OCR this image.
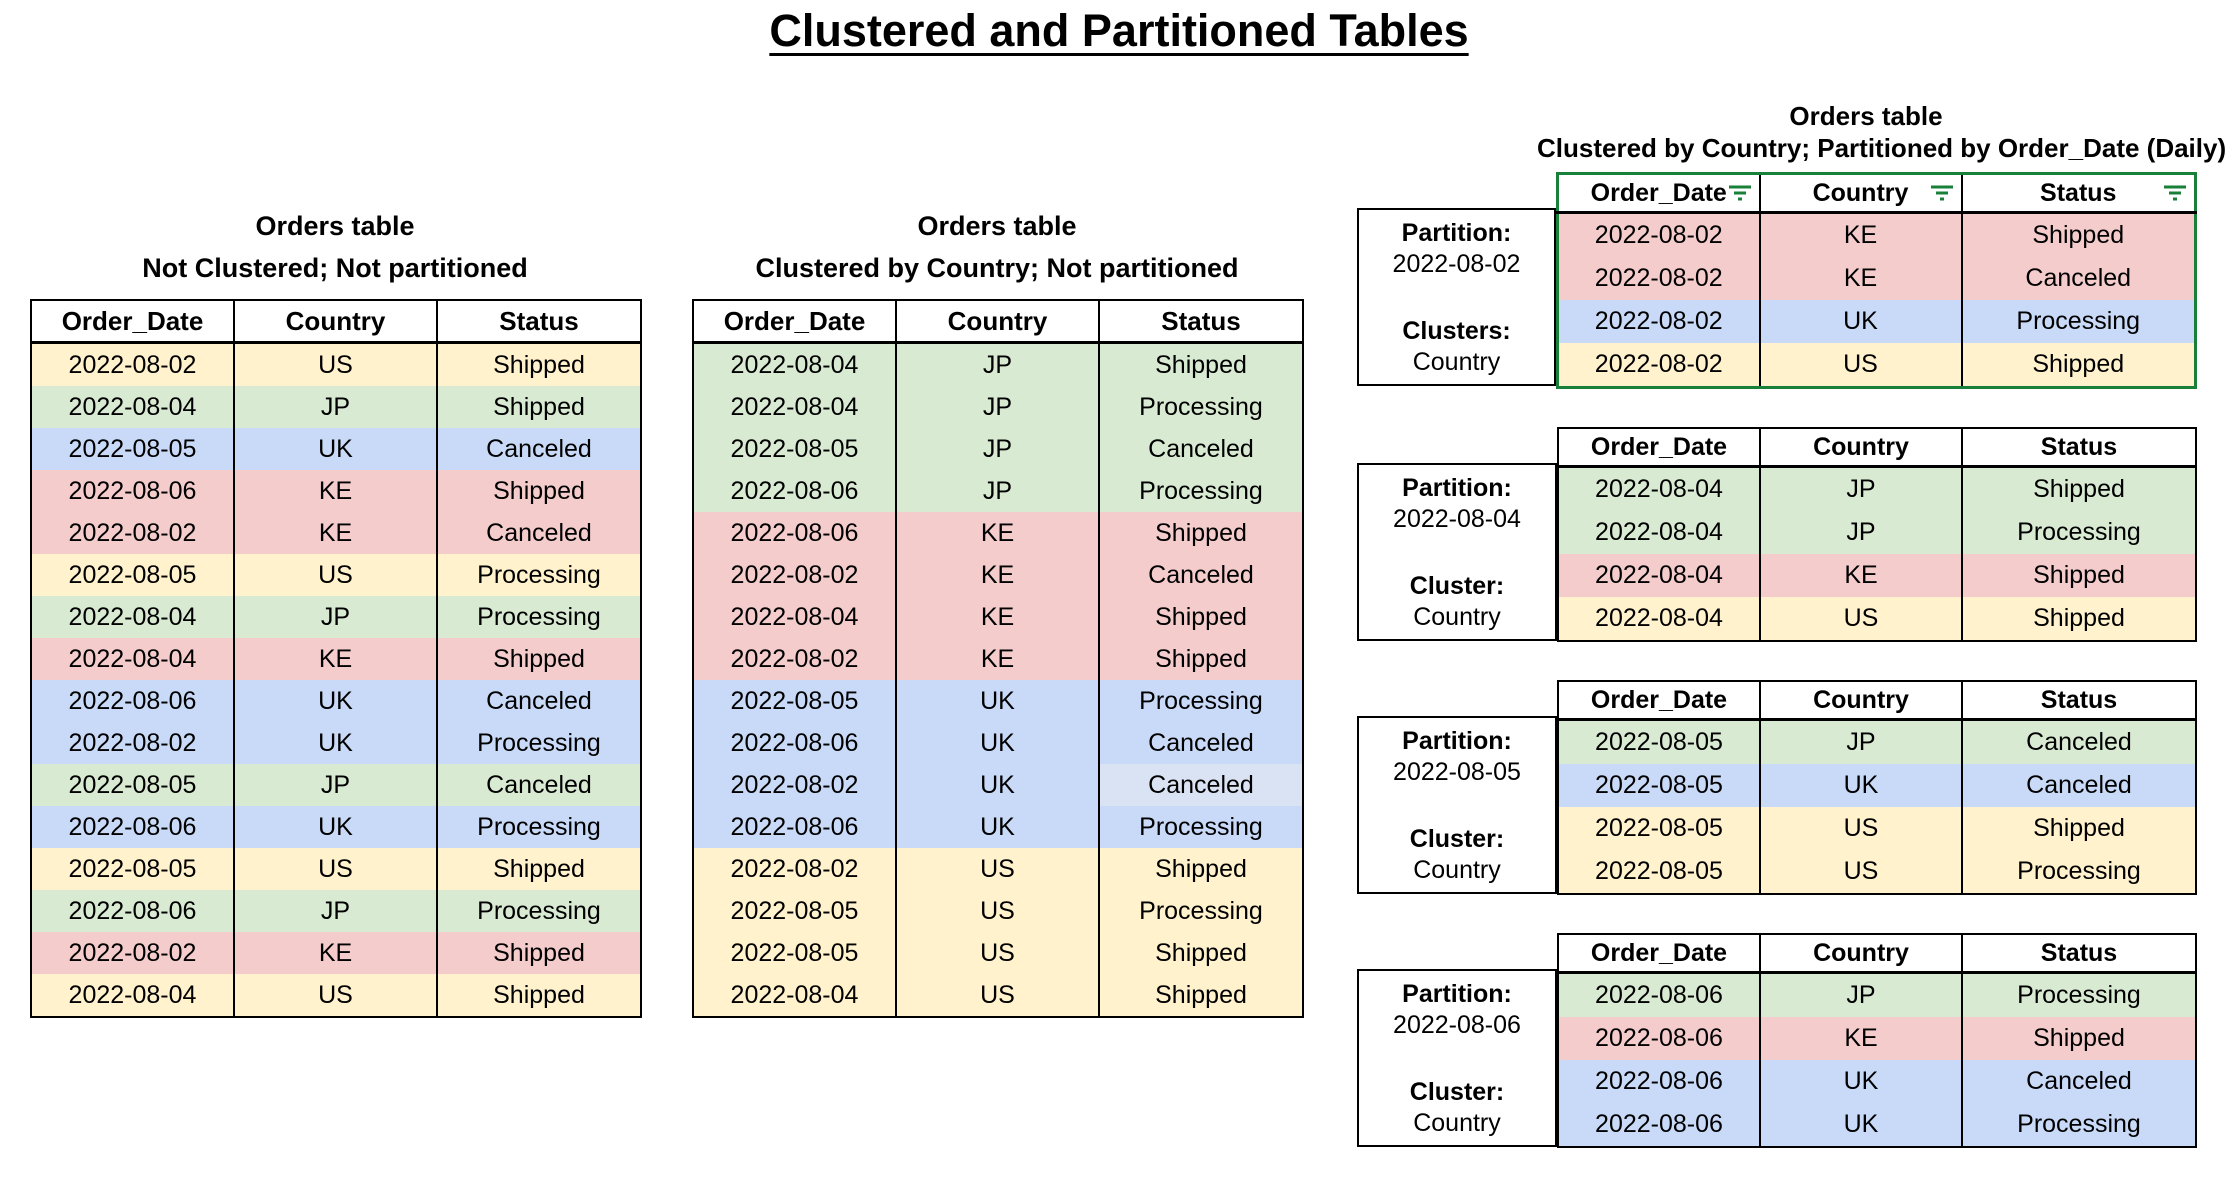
Clustered and Partitioned Tables
Orders table
Not Clustered; Not partitioned
Order_Date	Country	Status
2022-08-02	US	Shipped
2022-08-04	JP	Shipped
2022-08-05	UK	Canceled
2022-08-06	KE	Shipped
2022-08-02	KE	Canceled
2022-08-05	US	Processing
2022-08-04	JP	Processing
2022-08-04	KE	Shipped
2022-08-06	UK	Canceled
2022-08-02	UK	Processing
2022-08-05	JP	Canceled
2022-08-06	UK	Processing
2022-08-05	US	Shipped
2022-08-06	JP	Processing
2022-08-02	KE	Shipped
2022-08-04	US	Shipped
Orders table
Clustered by Country; Not partitioned
Order_Date	Country	Status
2022-08-04	JP	Shipped
2022-08-04	JP	Processing
2022-08-05	JP	Canceled
2022-08-06	JP	Processing
2022-08-06	KE	Shipped
2022-08-02	KE	Canceled
2022-08-04	KE	Shipped
2022-08-02	KE	Shipped
2022-08-05	UK	Processing
2022-08-06	UK	Canceled
2022-08-02	UK	Canceled
2022-08-06	UK	Processing
2022-08-02	US	Shipped
2022-08-05	US	Processing
2022-08-05	US	Shipped
2022-08-04	US	Shipped
Orders table
Clustered by Country; Partitioned by Order_Date (Daily)
Partition:
2022-08-02
Clusters:
Country
Order_Date	Country	Status

2022-08-02	KE	Shipped
2022-08-02	KE	Canceled
2022-08-02	UK	Processing
2022-08-02	US	Shipped
Partition:
2022-08-04
Cluster:
Country
Order_Date	Country	Status
2022-08-04	JP	Shipped
2022-08-04	JP	Processing
2022-08-04	KE	Shipped
2022-08-04	US	Shipped
Partition:
2022-08-05
Cluster:
Country
Order_Date	Country	Status
2022-08-05	JP	Canceled
2022-08-05	UK	Canceled
2022-08-05	US	Shipped
2022-08-05	US	Processing
Partition:
2022-08-06
Cluster:
Country
Order_Date	Country	Status
2022-08-06	JP	Processing
2022-08-06	KE	Shipped
2022-08-06	UK	Canceled
2022-08-06	UK	Processing
